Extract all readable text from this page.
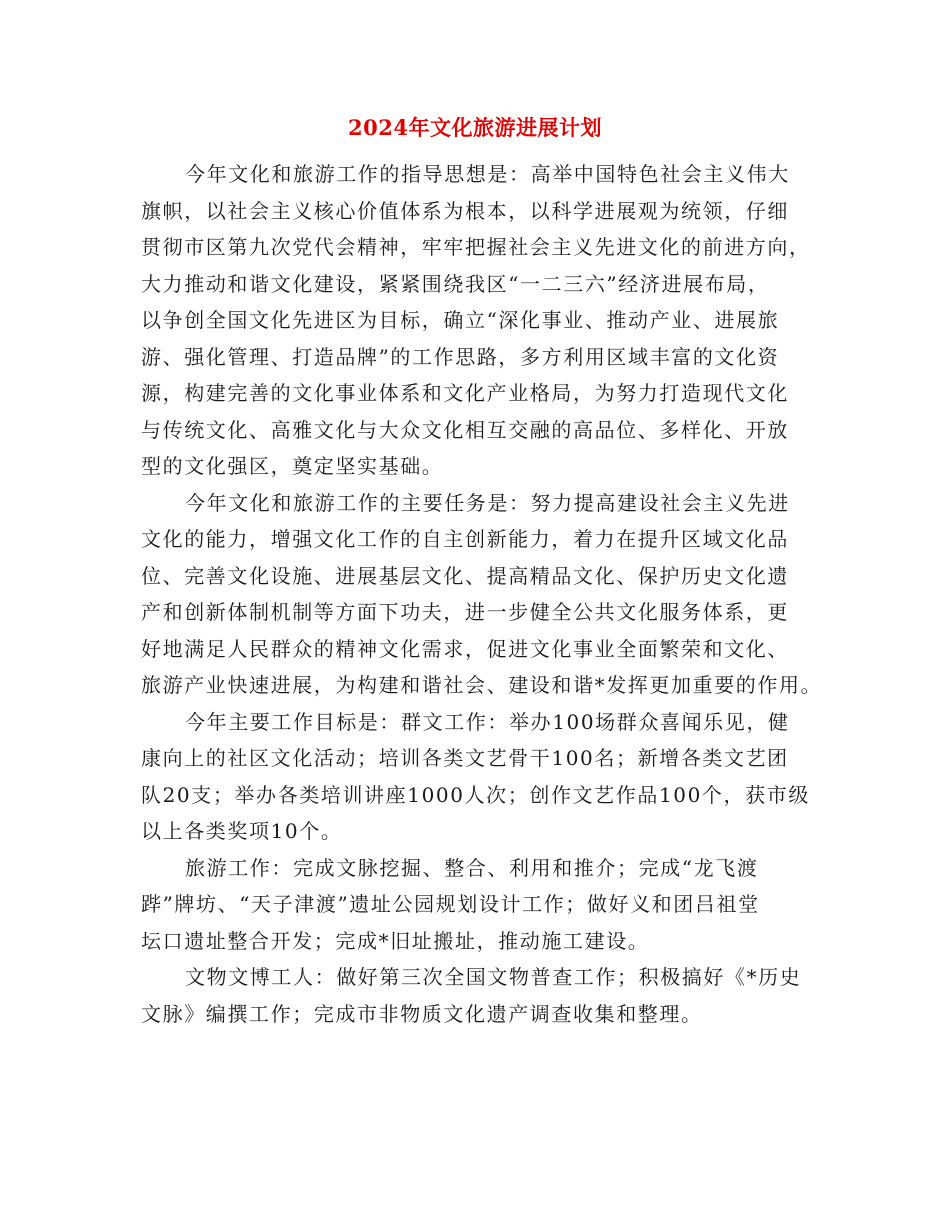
2024年文化旅游进展计划
今年文化和旅游工作的指导思想是：高举中国特色社会主义伟大
旗帜，以社会主义核心价值体系为根本，以科学进展观为统领，仔细
贯彻市区第九次党代会精神，牢牢把握社会主义先进文化的前进方向，
大力推动和谐文化建设，紧紧围绕我区“一二三六”经济进展布局，
以争创全国文化先进区为目标，确立“深化事业、推动产业、进展旅
游、强化管理、打造品牌”的工作思路，多方利用区域丰富的文化资
源，构建完善的文化事业体系和文化产业格局，为努力打造现代文化
与传统文化、高雅文化与大众文化相互交融的高品位、多样化、开放
型的文化强区，奠定坚实基础。
今年文化和旅游工作的主要任务是：努力提高建设社会主义先进
文化的能力，增强文化工作的自主创新能力，着力在提升区域文化品
位、完善文化设施、进展基层文化、提高精品文化、保护历史文化遗
产和创新体制机制等方面下功夫，进一步健全公共文化服务体系，更
好地满足人民群众的精神文化需求，促进文化事业全面繁荣和文化、
旅游产业快速进展，为构建和谐社会、建设和谐*发挥更加重要的作用。
今年主要工作目标是：群文工作：举办100场群众喜闻乐见，健
康向上的社区文化活动；培训各类文艺骨干100名；新增各类文艺团
队20支；举办各类培训讲座1000人次；创作文艺作品100个，获市级
以上各类奖项10个。
旅游工作：完成文脉挖掘、整合、利用和推介；完成“龙飞渡
跸”牌坊、“天子津渡”遗址公园规划设计工作；做好义和团吕祖堂
坛口遗址整合开发；完成*旧址搬址，推动施工建设。
文物文博工人：做好第三次全国文物普查工作；积极搞好《*历史
文脉》编撰工作；完成市非物质文化遗产调查收集和整理。
